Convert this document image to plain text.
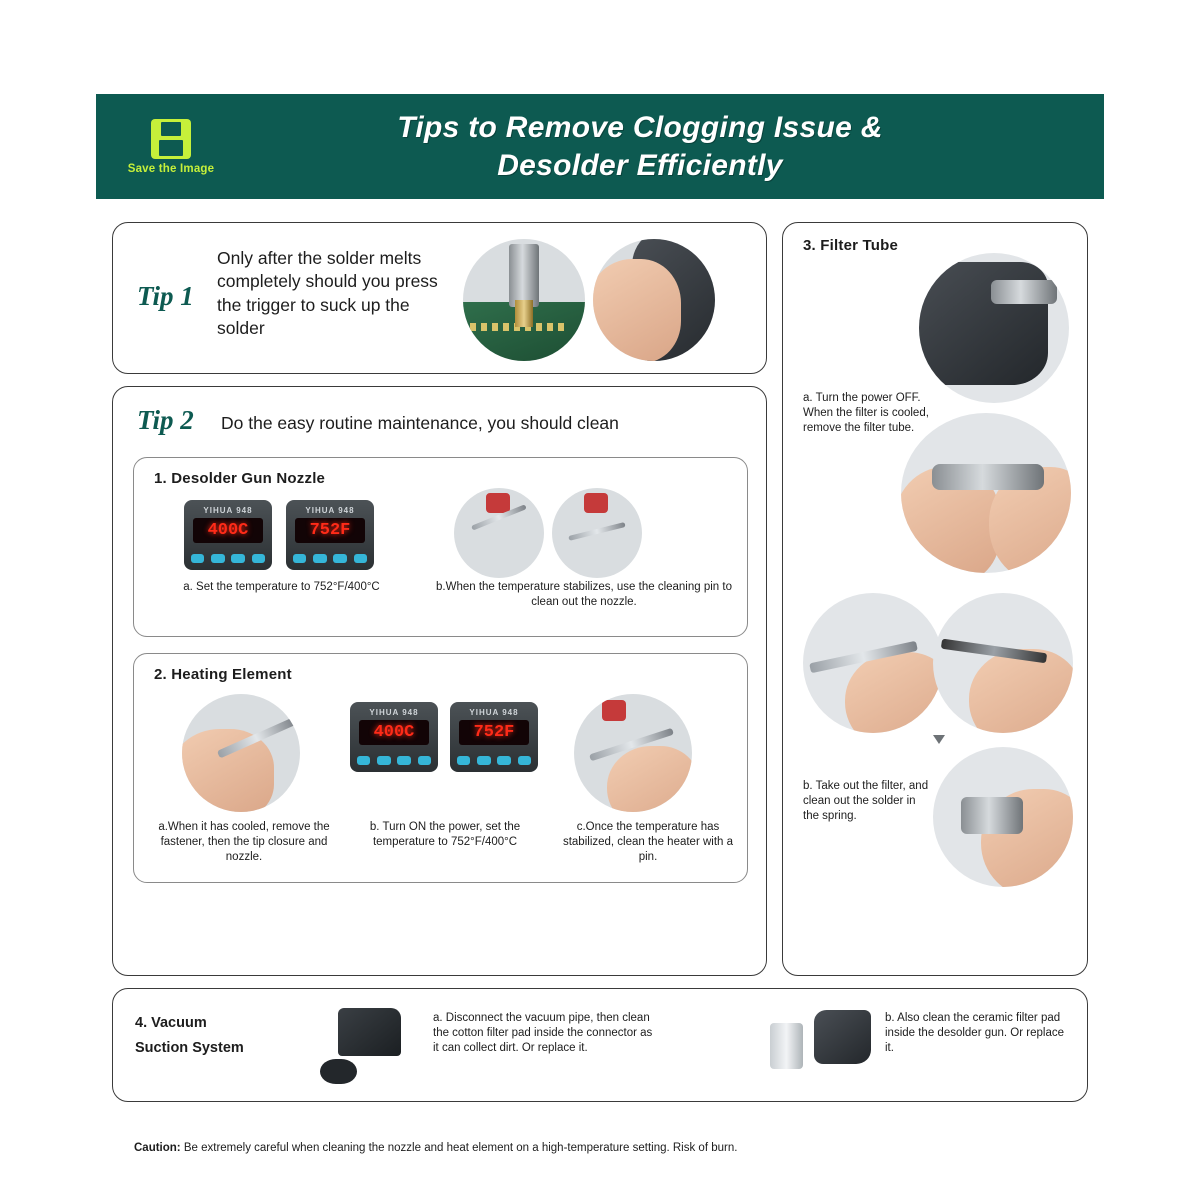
Save the Image
Tips to Remove Clogging Issue &
Desolder Efficiently
Tip 1
Only after the solder melts completely should you press the trigger to suck up the solder
Tip 2 Do the easy routine maintenance, you should clean
1. Desolder Gun Nozzle
YIHUA 948
400C
YIHUA 948
752F
a. Set the temperature to 752°F/400°C	b.When the temperature stabilizes, use the cleaning pin to clean out the nozzle.
2. Heating Element
a.When it has cooled, remove the fastener, then the tip closure and nozzle.
YIHUA 948
400C
YIHUA 948
752F
b. Turn ON the power, set the temperature to 752°F/400°C
c.Once the temperature has stabilized, clean the heater with a pin.
3. Filter Tube
a. Turn the power OFF. When the filter is cooled, remove the filter tube.
b. Take out the filter, and clean out the solder in the spring.
4. Vacuum Suction System
a. Disconnect the vacuum pipe, then clean the cotton filter pad inside the connector as it can collect dirt. Or replace it.
b. Also clean the ceramic filter pad inside the desolder gun. Or replace it.
Caution: Be extremely careful when cleaning the nozzle and heat element on a high-temperature setting. Risk of burn.
